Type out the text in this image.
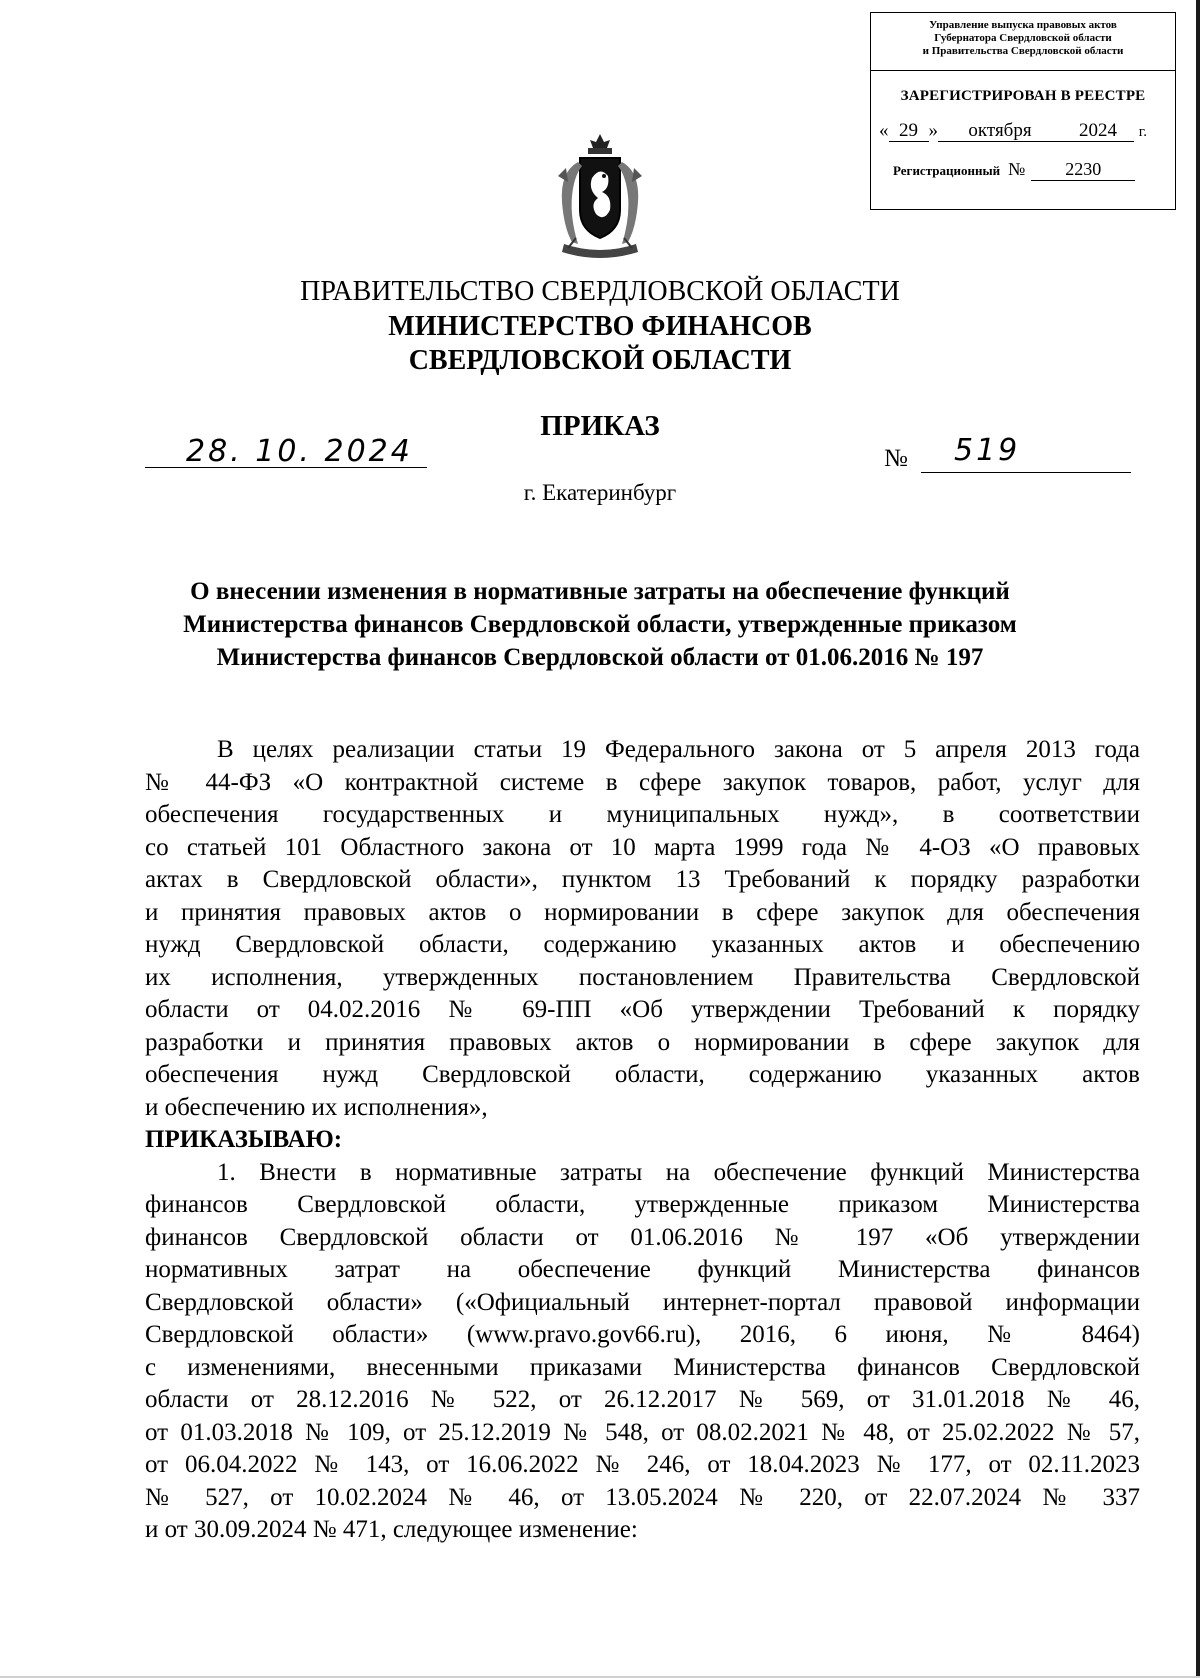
Управление выпуска правовых актов
Губернатора Свердловской области
и Правительства Свердловской области
ЗАРЕГИСТРИРОВАН В РЕЕСТРЕ
« 29 » октября 2024 г.
Регистрационный № 2230
ПРАВИТЕЛЬСТВО СВЕРДЛОВСКОЙ ОБЛАСТИ
МИНИСТЕРСТВО ФИНАНСОВ
СВЕРДЛОВСКОЙ ОБЛАСТИ
ПРИКАЗ
28. 10. 2024	№ 519
г. Екатеринбург
О внесении изменения в нормативные затраты на обеспечение функций
Министерства финансов Свердловской области, утвержденные приказом
Министерства финансов Свердловской области от 01.06.2016 № 197
В целях реализации статьи 19 Федерального закона от 5 апреля 2013 года
№ 44-ФЗ «О контрактной системе в сфере закупок товаров, работ, услуг для
обеспечения государственных и муниципальных нужд», в соответствии
со статьей 101 Областного закона от 10 марта 1999 года № 4-ОЗ «О правовых
актах в Свердловской области», пунктом 13 Требований к порядку разработки
и принятия правовых актов о нормировании в сфере закупок для обеспечения
нужд Свердловской области, содержанию указанных актов и обеспечению
их исполнения, утвержденных постановлением Правительства Свердловской
области от 04.02.2016 № 69-ПП «Об утверждении Требований к порядку
разработки и принятия правовых актов о нормировании в сфере закупок для
обеспечения нужд Свердловской области, содержанию указанных актов
и обеспечению их исполнения»,
ПРИКАЗЫВАЮ:
1. Внести в нормативные затраты на обеспечение функций Министерства
финансов Свердловской области, утвержденные приказом Министерства
финансов Свердловской области от 01.06.2016 № 197 «Об утверждении
нормативных затрат на обеспечение функций Министерства финансов
Свердловской области» («Официальный интернет-портал правовой информации
Свердловской области» (www.pravo.gov66.ru), 2016, 6 июня, № 8464)
с изменениями, внесенными приказами Министерства финансов Свердловской
области от 28.12.2016 № 522, от 26.12.2017 № 569, от 31.01.2018 № 46,
от 01.03.2018 № 109, от 25.12.2019 № 548, от 08.02.2021 № 48, от 25.02.2022 № 57,
от 06.04.2022 № 143, от 16.06.2022 № 246, от 18.04.2023 № 177, от 02.11.2023
№ 527, от 10.02.2024 № 46, от 13.05.2024 № 220, от 22.07.2024 № 337
и от 30.09.2024 № 471, следующее изменение:
